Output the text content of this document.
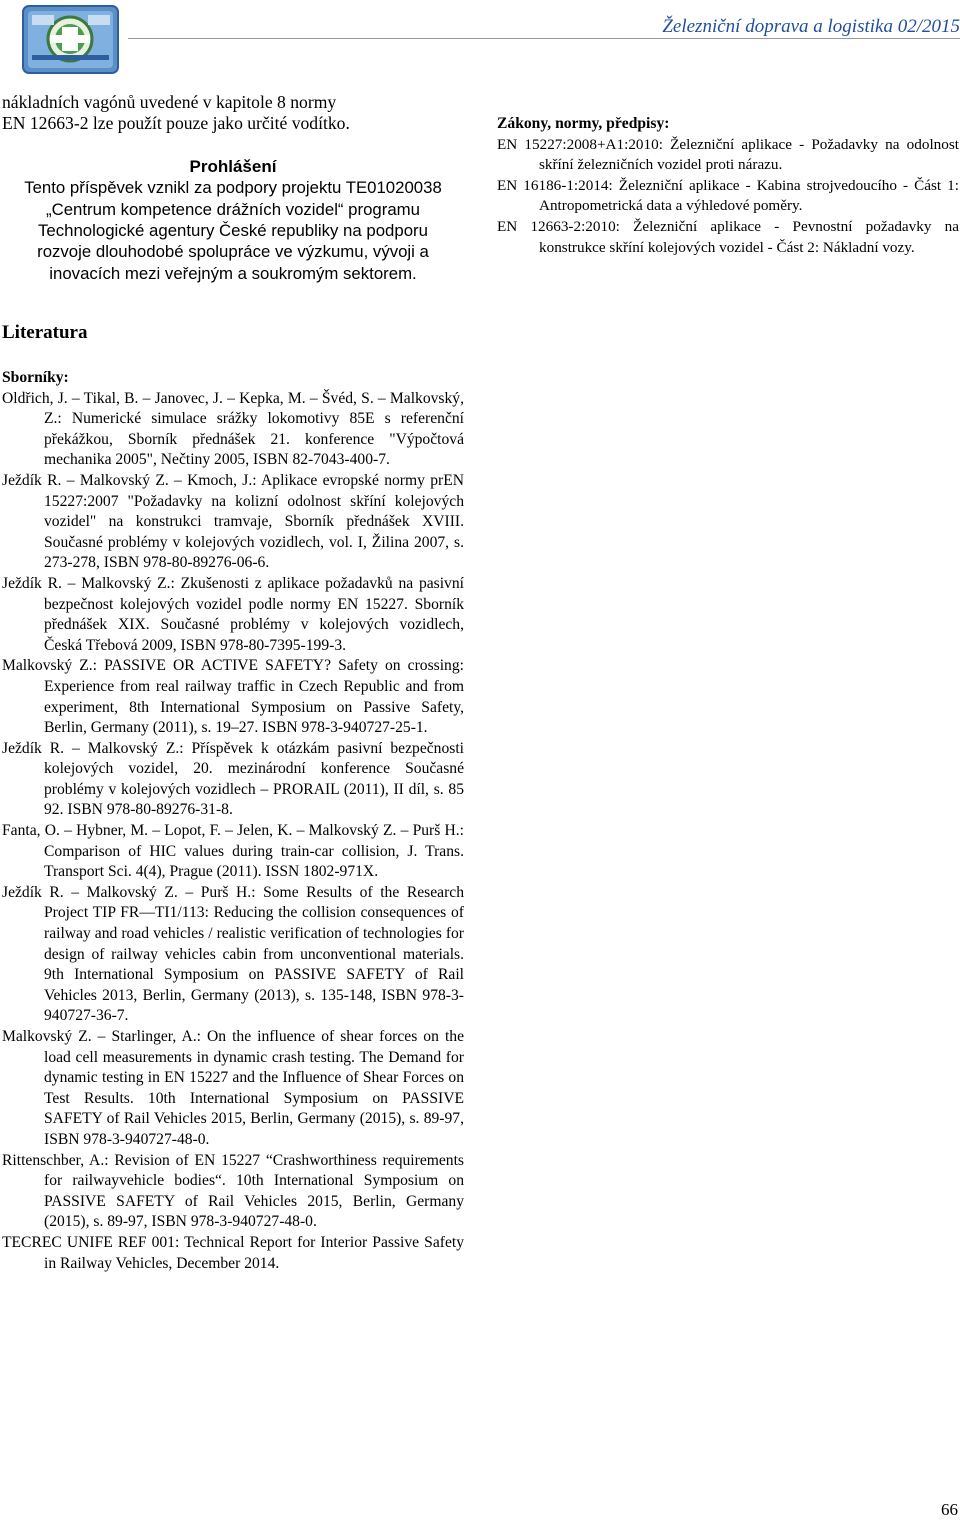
Železniční doprava a logistika 02/2015

nákladních vagónů uvedené v kapitole 8 normy

EN 12663-2 lze použít pouze jako určité vodítko.

Prohlášení

Tento příspěvek vznikl za podpory projektu TE01020038

„Centrum kompetence drážních vozidel“ programu

Technologické agentury České republiky na podporu

rozvoje dlouhodobé spolupráce ve výzkumu, vývoji a

inovacích mezi veřejným a soukromým sektorem.

Literatura

Sborníky:

Oldřich, J. – Tikal, B. – Janovec, J. – Kepka, M. – Švéd, S. – Malkovský, Z.: Numerické simulace srážky lokomotivy 85E s referenční překážkou, Sborník přednášek 21. konference "Výpočtová mechanika 2005", Nečtiny 2005, ISBN 82-7043-400-7.

Ježdík R. – Malkovský Z. – Kmoch, J.: Aplikace evropské normy prEN 15227:2007 "Požadavky na kolizní odolnost skříní kolejových vozidel" na konstrukci tramvaje, Sborník přednášek XVIII. Současné problémy v kolejových vozidlech, vol. I, Žilina 2007, s. 273-278, ISBN 978-80-89276-06-6.

Ježdík R. – Malkovský Z.: Zkušenosti z aplikace požadavků na pasivní bezpečnost kolejových vozidel podle normy EN 15227. Sborník přednášek XIX. Současné problémy v kolejových vozidlech, Česká Třebová 2009, ISBN 978-80-7395-199-3.

Malkovský Z.: PASSIVE OR ACTIVE SAFETY? Safety on crossing: Experience from real railway traffic in Czech Republic and from experiment, 8th International Symposium on Passive Safety, Berlin, Germany (2011), s. 19–27. ISBN 978-3-940727-25-1.

Ježdík R. – Malkovský Z.: Příspěvek k otázkám pasivní bezpečnosti kolejových vozidel, 20. mezinárodní konference Současné problémy v kolejových vozidlech – PRORAIL (2011), II díl, s. 85 92. ISBN 978-80-89276-31-8.

Fanta, O. – Hybner, M. – Lopot, F. – Jelen, K. – Malkovský Z. – Purš H.: Comparison of HIC values during train-car collision, J. Trans. Transport Sci. 4(4), Prague (2011). ISSN 1802-971X.

Ježdík R. – Malkovský Z. – Purš H.: Some Results of the Research Project TIP FR—TI1/113: Reducing the collision consequences of railway and road vehicles / realistic verification of technologies for design of railway vehicles cabin from unconventional materials. 9th International Symposium on PASSIVE SAFETY of Rail Vehicles 2013, Berlin, Germany (2013), s. 135-148, ISBN 978-3-940727-36-7.

Malkovský Z. – Starlinger, A.: On the influence of shear forces on the load cell measurements in dynamic crash testing. The Demand for dynamic testing in EN 15227 and the Influence of Shear Forces on Test Results. 10th International Symposium on PASSIVE SAFETY of Rail Vehicles 2015, Berlin, Germany (2015), s. 89-97, ISBN 978-3-940727-48-0.

Rittenschber, A.: Revision of EN 15227 “Crashworthiness requirements for railwayvehicle bodies“. 10th International Symposium on PASSIVE SAFETY of Rail Vehicles 2015, Berlin, Germany (2015), s. 89-97, ISBN 978-3-940727-48-0.

TECREC UNIFE REF 001: Technical Report for Interior Passive Safety in Railway Vehicles, December 2014.

Zákony, normy, předpisy:

EN 15227:2008+A1:2010: Železniční aplikace - Požadavky na odolnost skříní železničních vozidel proti nárazu.

EN 16186-1:2014: Železniční aplikace - Kabina strojvedoucího - Část 1: Antropometrická data a výhledové poměry.

EN 12663-2:2010: Železniční aplikace - Pevnostní požadavky na konstrukce skříní kolejových vozidel - Část 2: Nákladní vozy.

66
